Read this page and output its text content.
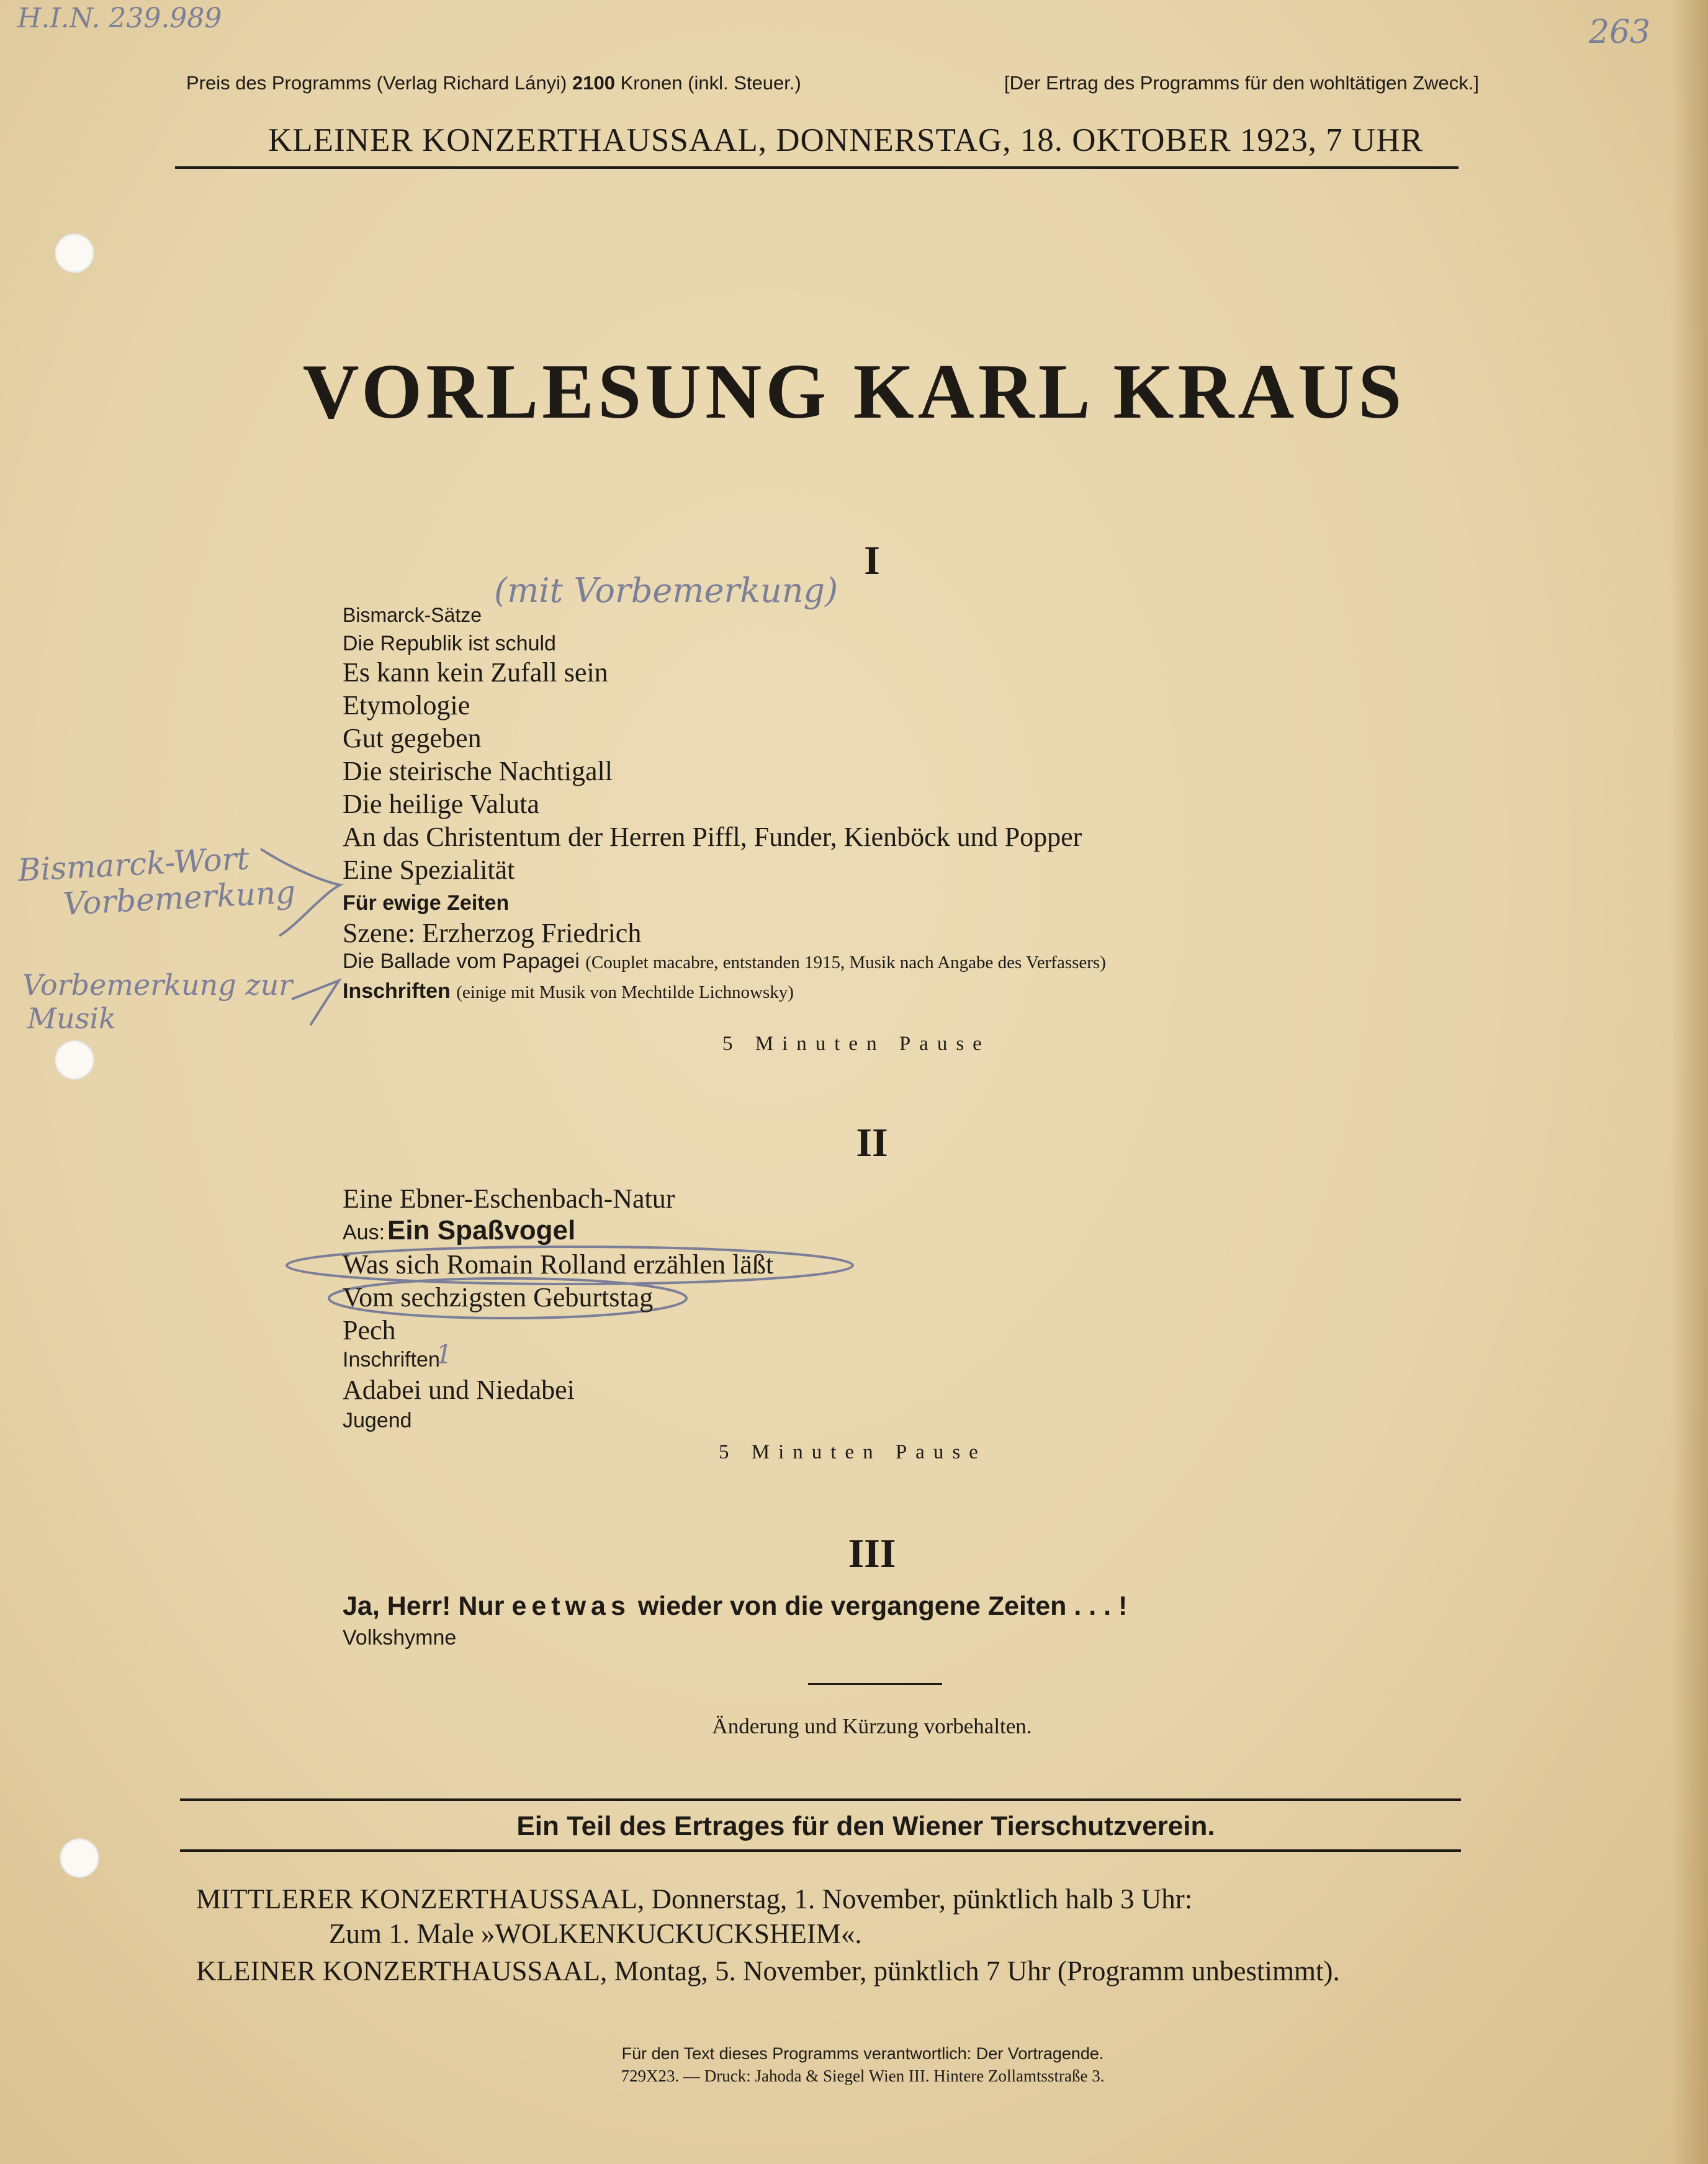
H.I.N. 239.989	263
Preis des Programms (Verlag Richard Lányi) 2100 Kronen (inkl. Steuer.)	[Der Ertrag des Programms für den wohltätigen Zweck.]
KLEINER KONZERTHAUSSAAL, DONNERSTAG, 18. OKTOBER 1923, 7 UHR
VORLESUNG KARL KRAUS
I
Bismarck-Sätze
Die Republik ist schuld
Es kann kein Zufall sein
Etymologie
Gut gegeben
Die steirische Nachtigall
Die heilige Valuta
An das Christentum der Herren Piffl, Funder, Kienböck und Popper
Eine Spezialität
Für ewige Zeiten
Szene: Erzherzog Friedrich
Die Ballade vom Papagei (Couplet macabre, entstanden 1915, Musik nach Angabe des Verfassers)
Inschriften (einige mit Musik von Mechtilde Lichnowsky)
5 Minuten Pause
(mit Vorbemerkung)
Bismarck-Wort
Vorbemerkung
Vorbemerkung zur
Musik
II
Eine Ebner-Eschenbach-Natur
Aus: Ein Spaßvogel
Was sich Romain Rolland erzählen läßt
Vom sechzigsten Geburtstag
Pech
Inschriften
Adabei und Niedabei
Jugend
1
5 Minuten Pause
III
Ja, Herr! Nur eetwas wieder von die vergangene Zeiten . . . !
Volkshymne
Änderung und Kürzung vorbehalten.
Ein Teil des Ertrages für den Wiener Tierschutzverein.
MITTLERER KONZERTHAUSSAAL, Donnerstag, 1. November, pünktlich halb 3 Uhr:
Zum 1. Male »WOLKENKUCKUCKSHEIM«.
KLEINER KONZERTHAUSSAAL, Montag, 5. November, pünktlich 7 Uhr (Programm unbestimmt).
Für den Text dieses Programms verantwortlich: Der Vortragende.
729X23. — Druck: Jahoda & Siegel Wien III. Hintere Zollamtsstraße 3.
